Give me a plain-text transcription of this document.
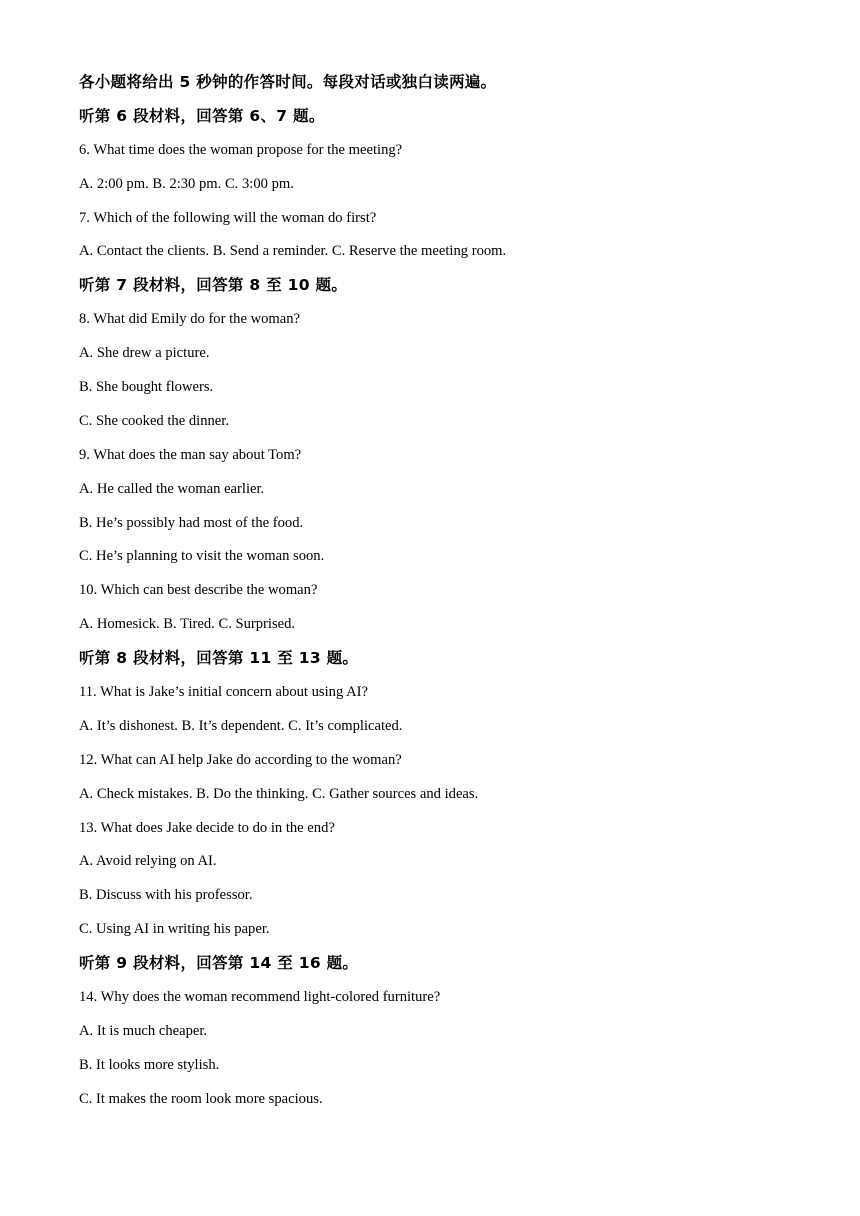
各小题将给出 5 秒钟的作答时间。每段对话或独白读两遍。
听第 6 段材料，回答第 6、7 题。
6. What time does the woman propose for the meeting?
A. 2:00 pm. B. 2:30 pm. C. 3:00 pm.
7. Which of the following will the woman do first?
A. Contact the clients. B. Send a reminder. C. Reserve the meeting room.
听第 7 段材料，回答第 8 至 10 题。
8. What did Emily do for the woman?
A. She drew a picture.
B. She bought flowers.
C. She cooked the dinner.
9. What does the man say about Tom?
A. He called the woman earlier.
B. He’s possibly had most of the food.
C. He’s planning to visit the woman soon.
10. Which can best describe the woman?
A. Homesick. B. Tired. C. Surprised.
听第 8 段材料，回答第 11 至 13 题。
11. What is Jake’s initial concern about using AI?
A. It’s dishonest. B. It’s dependent. C. It’s complicated.
12. What can AI help Jake do according to the woman?
A. Check mistakes. B. Do the thinking. C. Gather sources and ideas.
13. What does Jake decide to do in the end?
A. Avoid relying on AI.
B. Discuss with his professor.
C. Using AI in writing his paper.
听第 9 段材料，回答第 14 至 16 题。
14. Why does the woman recommend light-colored furniture?
A. It is much cheaper.
B. It looks more stylish.
C. It makes the room look more spacious.
